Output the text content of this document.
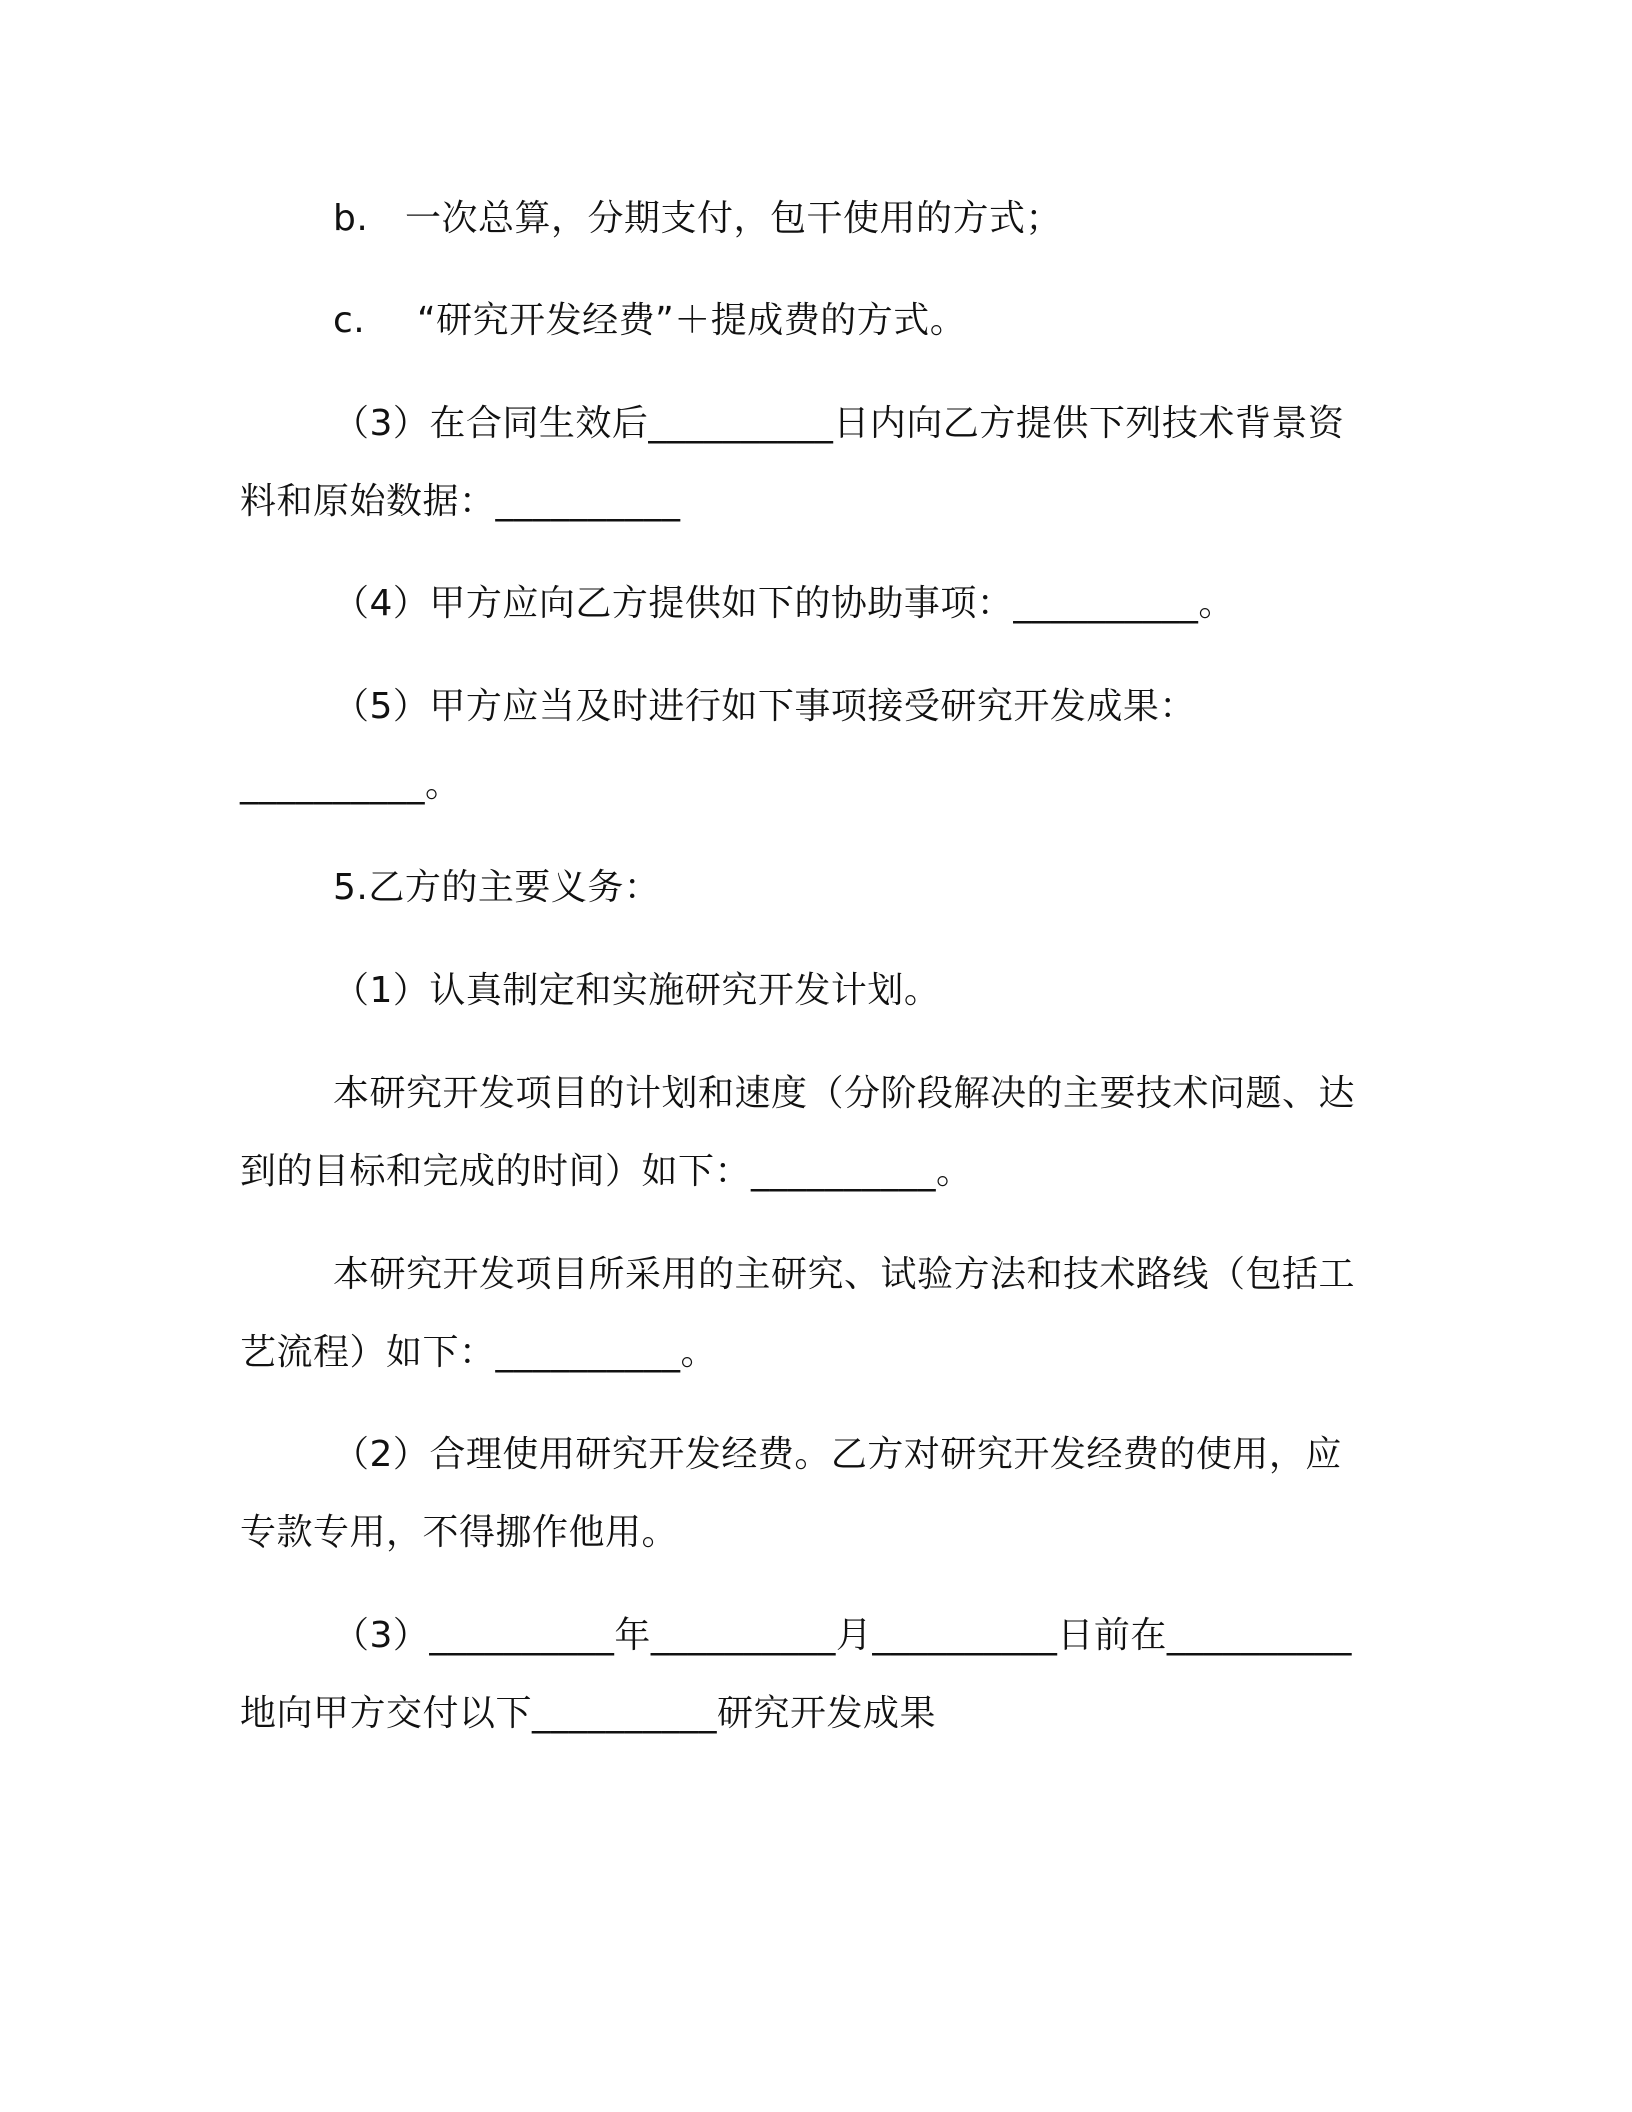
b. 一次总算，分期支付，包干使用的方式；
c. “研究开发经费”＋提成费的方式。
（3）在合同生效后__________日内向乙方提供下列技术背景资
料和原始数据：__________
（4）甲方应向乙方提供如下的协助事项：__________。
（5）甲方应当及时进行如下事项接受研究开发成果：
__________。
5.乙方的主要义务：
（1）认真制定和实施研究开发计划。
本研究开发项目的计划和速度（分阶段解决的主要技术问题、达
到的目标和完成的时间）如下：__________。
本研究开发项目所采用的主研究、试验方法和技术路线（包括工
艺流程）如下：__________。
（2）合理使用研究开发经费。乙方对研究开发经费的使用，应
专款专用，不得挪作他用。
（3）__________年__________月__________日前在__________
地向甲方交付以下__________研究开发成果
